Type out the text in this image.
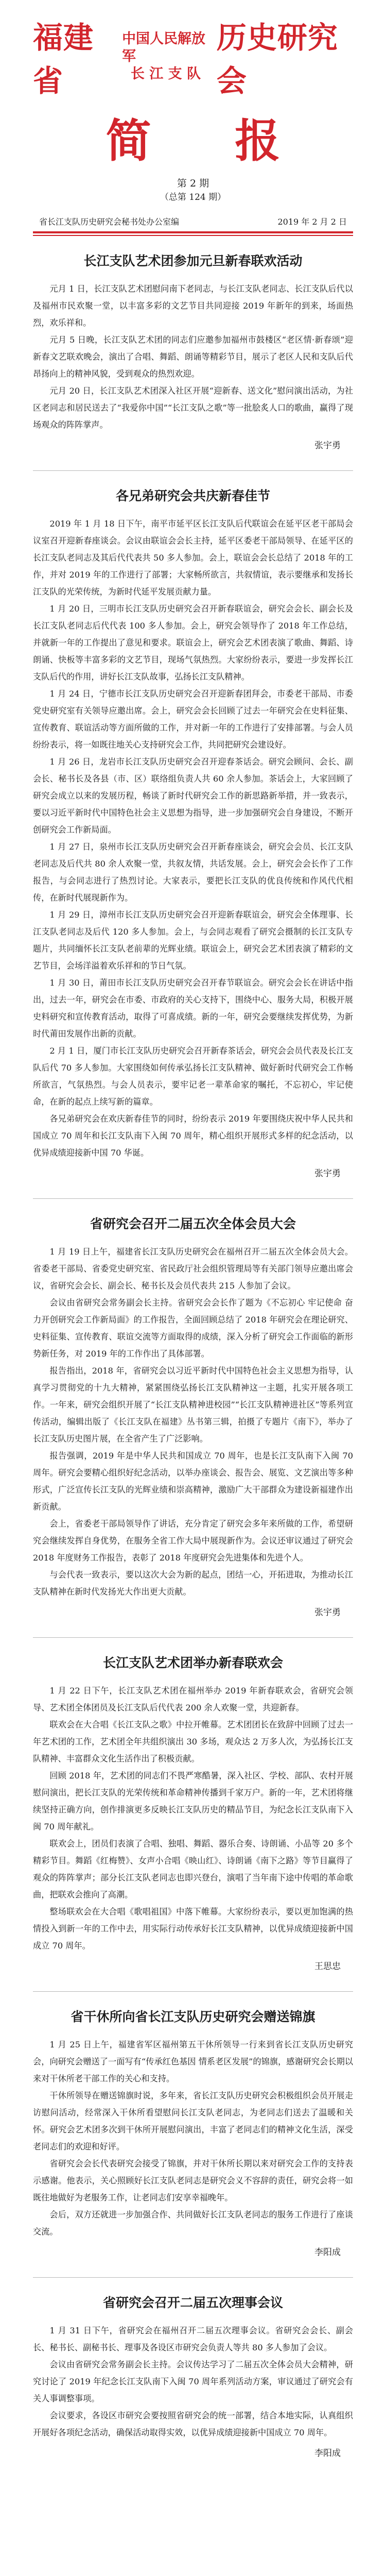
福建省
中国人民解放军
长 江 支 队
历史研究会
简 报
第 2 期
（总第 124 期）
省长江支队历史研究会秘书处办公室编	2019 年 2 月 2 日
长江支队艺术团参加元旦新春联欢活动

元月 1 日，长江支队艺术团慰问南下老同志，与长江支队老同志、长江支队后代以及福州市民欢聚一堂，以丰富多彩的文艺节目共同迎接 2019 年新年的到来，场面热烈，欢乐祥和。

元月 5 日晚，长江支队艺术团的同志们应邀参加福州市鼓楼区“老区情·新春颂”迎新春文艺联欢晚会，演出了合唱、舞蹈、朗诵等精彩节目，展示了老区人民和支队后代昂扬向上的精神风貌，受到观众的热烈欢迎。

元月 20 日，长江支队艺术团深入社区开展“迎新春、送文化”慰问演出活动，为社区老同志和居民送去了“我爱你中国”“长江支队之歌”等一批脍炙人口的歌曲，赢得了现场观众的阵阵掌声。

张宇勇
各兄弟研究会共庆新春佳节

2019 年 1 月 18 日下午，南平市延平区长江支队后代联谊会在延平区老干部局会议室召开迎新春座谈会。会议由联谊会会长主持，延平区委老干部局领导、在延平区的长江支队老同志及其后代代表共 50 多人参加。会上，联谊会会长总结了 2018 年的工作，并对 2019 年的工作进行了部署；大家畅所欲言，共叙情谊，表示要继承和发扬长江支队的光荣传统，为新时代延平发展贡献力量。

1 月 20 日，三明市长江支队历史研究会召开新春联谊会，研究会会长、副会长及长江支队老同志后代代表 100 多人参加。会上，研究会领导作了 2018 年工作总结，并就新一年的工作提出了意见和要求。联谊会上，研究会艺术团表演了歌曲、舞蹈、诗朗诵、快板等丰富多彩的文艺节目，现场气氛热烈。大家纷纷表示，要进一步发挥长江支队后代的作用，讲好长江支队故事，弘扬长江支队精神。

1 月 24 日，宁德市长江支队历史研究会召开迎新春团拜会，市委老干部局、市委党史研究室有关领导应邀出席。会上，研究会会长回顾了过去一年研究会在史料征集、宣传教育、联谊活动等方面所做的工作，并对新一年的工作进行了安排部署。与会人员纷纷表示，将一如既往地关心支持研究会工作，共同把研究会建设好。

1 月 26 日，龙岩市长江支队历史研究会召开迎春茶话会。研究会顾问、会长、副会长、秘书长及各县（市、区）联络组负责人共 60 余人参加。茶话会上，大家回顾了研究会成立以来的发展历程，畅谈了新时代研究会工作的新思路新举措，并一致表示，要以习近平新时代中国特色社会主义思想为指导，进一步加强研究会自身建设，不断开创研究会工作新局面。

1 月 27 日，泉州市长江支队历史研究会召开新春座谈会，研究会会员、长江支队老同志及后代共 80 余人欢聚一堂，共叙友情，共话发展。会上，研究会会长作了工作报告，与会同志进行了热烈讨论。大家表示，要把长江支队的优良传统和作风代代相传，在新时代展现新作为。

1 月 29 日，漳州市长江支队历史研究会召开迎新春联谊会，研究会全体理事、长江支队老同志及后代 120 多人参加。会上，与会同志观看了研究会摄制的长江支队专题片，共同缅怀长江支队老前辈的光辉业绩。联谊会上，研究会艺术团表演了精彩的文艺节目，会场洋溢着欢乐祥和的节日气氛。

1 月 30 日，莆田市长江支队历史研究会召开春节联谊会。研究会会长在讲话中指出，过去一年，研究会在市委、市政府的关心支持下，围绕中心、服务大局，积极开展史料研究和宣传教育活动，取得了可喜成绩。新的一年，研究会要继续发挥优势，为新时代莆田发展作出新的贡献。

2 月 1 日，厦门市长江支队历史研究会召开新春茶话会，研究会会员代表及长江支队后代 70 多人参加。大家围绕如何传承弘扬长江支队精神、做好新时代研究会工作畅所欲言，气氛热烈。与会人员表示，要牢记老一辈革命家的嘱托，不忘初心，牢记使命，在新的起点上续写新的篇章。

各兄弟研究会在欢庆新春佳节的同时，纷纷表示 2019 年要围绕庆祝中华人民共和国成立 70 周年和长江支队南下入闽 70 周年，精心组织开展形式多样的纪念活动，以优异成绩迎接新中国 70 华诞。

张宇勇
省研究会召开二届五次全体会员大会

1 月 19 日上午，福建省长江支队历史研究会在福州召开二届五次全体会员大会。省委老干部局、省委党史研究室、省民政厅社会组织管理局等有关部门领导应邀出席会议，省研究会会长、副会长、秘书长及会员代表共 215 人参加了会议。

会议由省研究会常务副会长主持。省研究会会长作了题为《不忘初心 牢记使命 奋力开创研究会工作新局面》的工作报告，全面回顾总结了 2018 年研究会在理论研究、史料征集、宣传教育、联谊交流等方面取得的成绩，深入分析了研究会工作面临的新形势新任务，对 2019 年的工作作出了具体部署。

报告指出，2018 年，省研究会以习近平新时代中国特色社会主义思想为指导，认真学习贯彻党的十九大精神，紧紧围绕弘扬长江支队精神这一主题，扎实开展各项工作。一年来，研究会组织开展了“长江支队精神进校园”“长江支队精神进社区”等系列宣传活动，编辑出版了《长江支队在福建》丛书第三辑，拍摄了专题片《南下》，举办了长江支队历史图片展，在全省产生了广泛影响。

报告强调，2019 年是中华人民共和国成立 70 周年，也是长江支队南下入闽 70 周年。研究会要精心组织好纪念活动，以举办座谈会、报告会、展览、文艺演出等多种形式，广泛宣传长江支队的光辉业绩和崇高精神，激励广大干部群众为建设新福建作出新贡献。

会上，省委老干部局领导作了讲话，充分肯定了研究会多年来所做的工作，希望研究会继续发挥自身优势，在服务全省工作大局中展现新作为。会议还审议通过了研究会 2018 年度财务工作报告，表彰了 2018 年度研究会先进集体和先进个人。

与会代表一致表示，要以这次大会为新的起点，团结一心，开拓进取，为推动长江支队精神在新时代发扬光大作出更大贡献。

张宇勇
长江支队艺术团举办新春联欢会

1 月 22 日下午，长江支队艺术团在福州举办 2019 年新春联欢会，省研究会领导、艺术团全体团员及长江支队后代代表 200 余人欢聚一堂，共迎新春。

联欢会在大合唱《长江支队之歌》中拉开帷幕。艺术团团长在致辞中回顾了过去一年艺术团的工作，艺术团全年共组织演出 30 多场，观众达 2 万多人次，为弘扬长江支队精神、丰富群众文化生活作出了积极贡献。

回顾 2018 年，艺术团的同志们不畏严寒酷暑，深入社区、学校、部队、农村开展慰问演出，把长江支队的光荣传统和革命精神传播到千家万户。新的一年，艺术团将继续坚持正确方向，创作排演更多反映长江支队历史的精品节目，为纪念长江支队南下入闽 70 周年献礼。

联欢会上，团员们表演了合唱、独唱、舞蹈、器乐合奏、诗朗诵、小品等 20 多个精彩节目。舞蹈《红梅赞》、女声小合唱《映山红》、诗朗诵《南下之路》等节目赢得了观众的阵阵掌声；部分长江支队老同志也即兴登台，演唱了当年南下途中传唱的革命歌曲，把联欢会推向了高潮。

整场联欢会在大合唱《歌唱祖国》中落下帷幕。大家纷纷表示，要以更加饱满的热情投入到新一年的工作中去，用实际行动传承好长江支队精神，以优异成绩迎接新中国成立 70 周年。

王思忠
省干休所向省长江支队历史研究会赠送锦旗

1 月 25 日上午，福建省军区福州第五干休所领导一行来到省长江支队历史研究会，向研究会赠送了一面写有“传承红色基因 情系老区发展”的锦旗，感谢研究会长期以来对干休所老干部工作的关心和支持。

干休所领导在赠送锦旗时说，多年来，省长江支队历史研究会积极组织会员开展走访慰问活动，经常深入干休所看望慰问长江支队老同志，为老同志们送去了温暖和关怀。研究会艺术团多次到干休所开展慰问演出，丰富了老同志们的精神文化生活，深受老同志们的欢迎和好评。

省研究会会长代表研究会接受了锦旗，并对干休所长期以来对研究会工作的支持表示感谢。他表示，关心照顾好长江支队老同志是研究会义不容辞的责任，研究会将一如既往地做好为老服务工作，让老同志们安享幸福晚年。

会后，双方还就进一步加强合作、共同做好长江支队老同志的服务工作进行了座谈交流。

李阳成
省研究会召开二届五次理事会议

1 月 31 日下午，省研究会在福州召开二届五次理事会议。省研究会会长、副会长、秘书长、副秘书长、理事及各设区市研究会负责人等共 80 多人参加了会议。

会议由省研究会常务副会长主持。会议传达学习了二届五次全体会员大会精神，研究讨论了 2019 年纪念长江支队南下入闽 70 周年系列活动方案，审议通过了研究会有关人事调整事项。

会议要求，各设区市研究会要按照省研究会的统一部署，结合本地实际，认真组织开展好各项纪念活动，确保活动取得实效，以优异成绩迎接新中国成立 70 周年。

李阳成
